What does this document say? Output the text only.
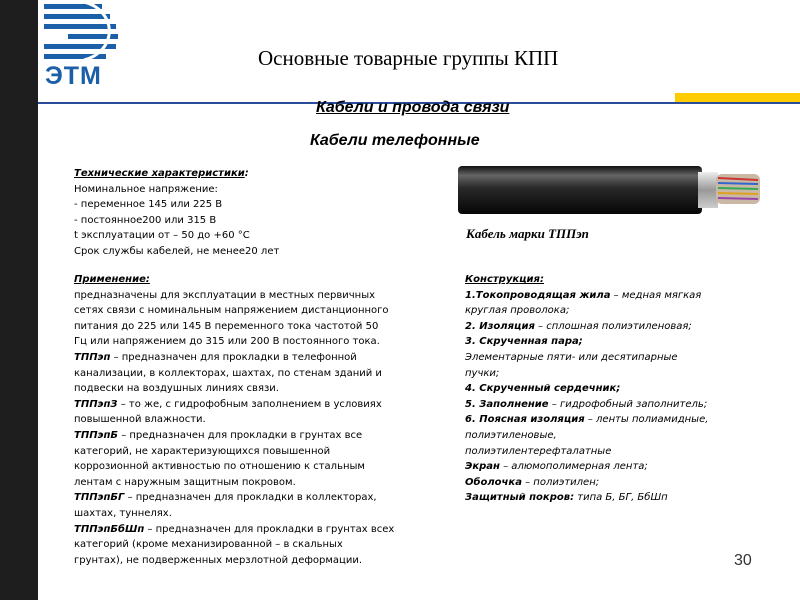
ЭТМ
Основные товарные группы КПП
Кабели и провода связи
Кабели телефонные
Технические характеристики:
Номинальное напряжение:
- переменное 145 или 225 В
- постоянное200 или 315 В
t эксплуатации от – 50 до +60 °С
Срок службы кабелей, не менее20 лет
Кабель марки ТППэп
Применение:
предназначены для эксплуатации в местных первичных
сетях связи с номинальным напряжением дистанционного
питания до 225 или 145 В переменного тока частотой 50
Гц или напряжением до 315 или 200 В постоянного тока.
ТППэп – предназначен для прокладки в телефонной
канализации, в коллекторах, шахтах, по стенам зданий и
подвески на воздушных линиях связи.
ТППэпЗ – то же, с гидрофобным заполнением в условиях
повышенной влажности.
ТППэпБ – предназначен для прокладки в грунтах все
категорий, не характеризующихся повышенной
коррозионной активностью по отношению к стальным
лентам с наружным защитным покровом.
ТППэпБГ – предназначен для прокладки в коллекторах,
шахтах, туннелях.
ТППэпБбШп – предназначен для прокладки в грунтах всех
категорий (кроме механизированной – в скальных
грунтах), не подверженных мерзлотной деформации.
Конструкция:
1.Токопроводящая жила – медная мягкая
круглая проволока;
2. Изоляция – сплошная полиэтиленовая;
3. Скрученная пара;
Элементарные пяти- или десятипарные
пучки;
4. Скрученный сердечник;
5. Заполнение – гидрофобный заполнитель;
6. Поясная изоляция – ленты полиамидные,
полиэтиленовые,
полиэтилентерефталатные
Экран – алюмополимерная лента;
Оболочка – полиэтилен;
Защитный покров: типа Б, БГ, БбШп
30
